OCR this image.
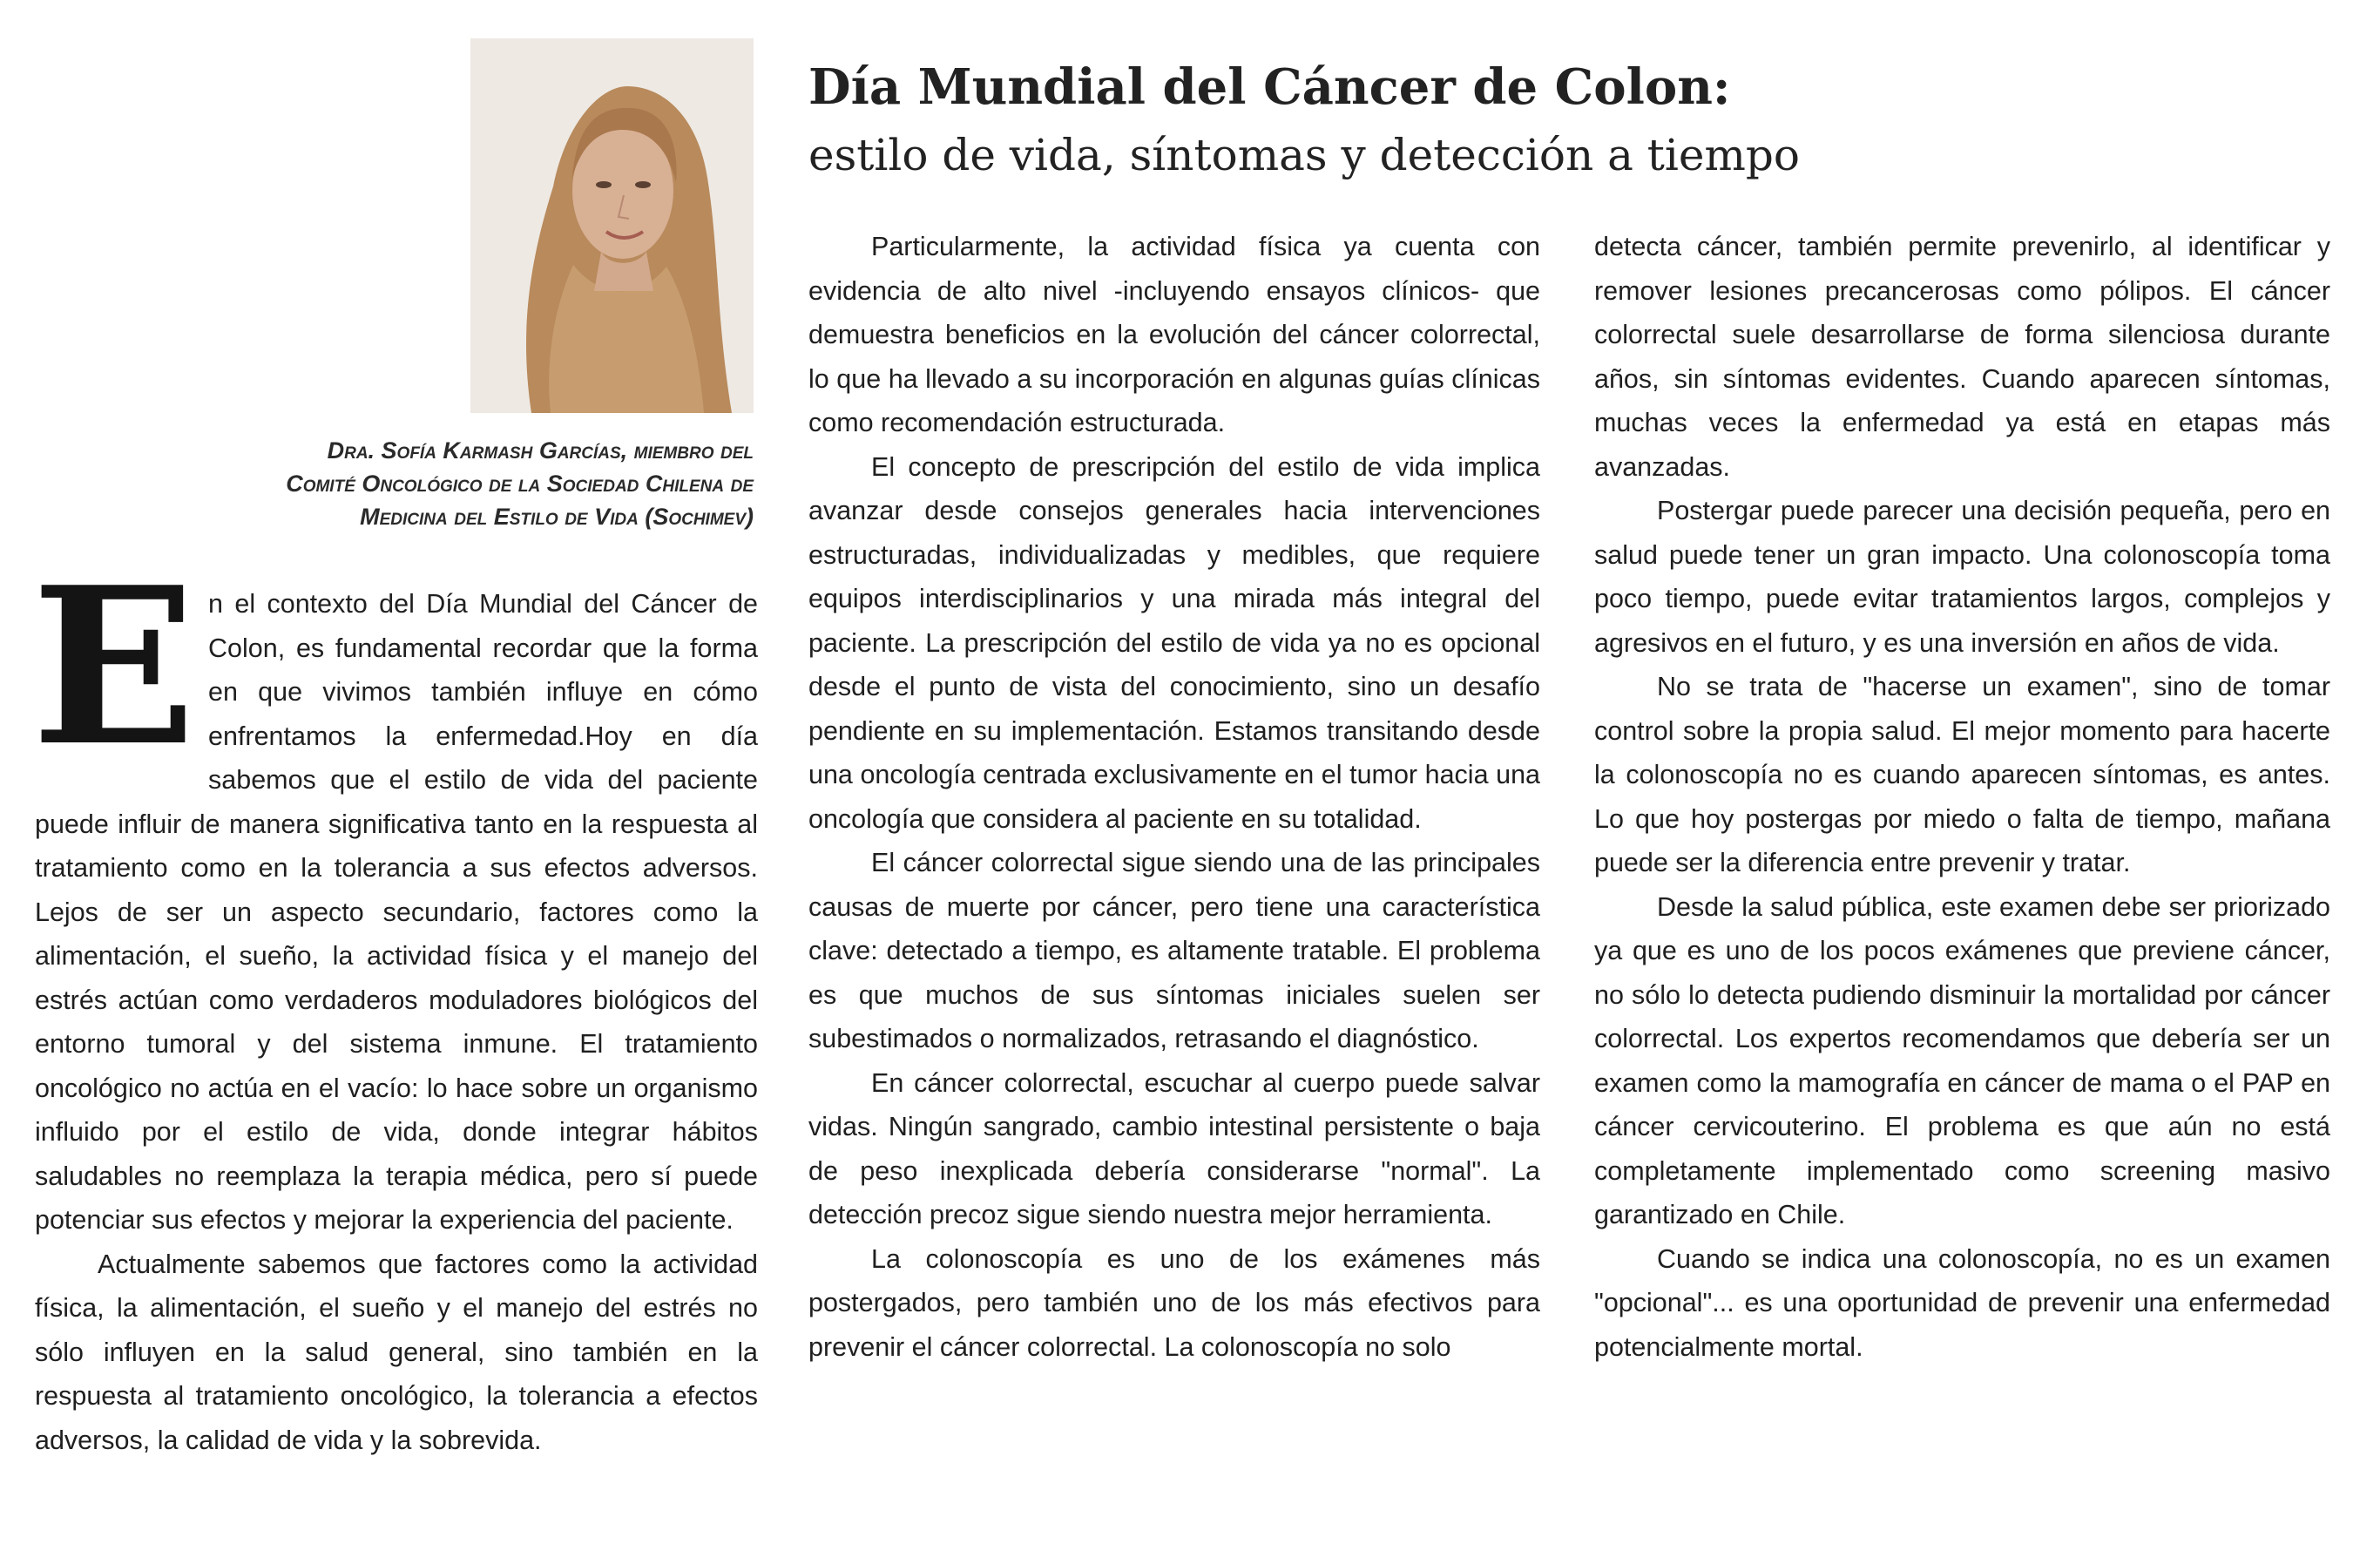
Dra. Sofía Karmash Garcías, miembro del
Comité Oncológico de la Sociedad Chilena de
Medicina del Estilo de Vida (Sochimev)
Día Mundial del Cáncer de Colon:
estilo de vida, síntomas y detección a tiempo

En el contexto del Día Mundial del Cáncer de Colon, es fundamental recordar que la forma en que vivimos también influye en cómo enfrentamos la enfermedad.Hoy en día sabemos que el estilo de vida del paciente puede influir de manera significativa tanto en la respuesta al tratamiento como en la tolerancia a sus efectos adversos. Lejos de ser un aspecto secundario, factores como la alimentación, el sueño, la actividad física y el manejo del estrés actúan como verdaderos moduladores biológicos del entorno tumoral y del sistema inmune. El tratamiento oncológico no actúa en el vacío: lo hace sobre un organismo influido por el estilo de vida, donde integrar hábitos saludables no reemplaza la terapia médica, pero sí puede potenciar sus efectos y mejorar la experiencia del paciente.

Actualmente sabemos que factores como la actividad física, la alimentación, el sueño y el manejo del estrés no sólo influyen en la salud general, sino también en la respuesta al tratamiento oncológico, la tolerancia a efectos adversos, la calidad de vida y la sobrevida.

Particularmente, la actividad física ya cuenta con evidencia de alto nivel -incluyendo ensayos clínicos- que demuestra beneficios en la evolución del cáncer colorrectal, lo que ha llevado a su incorporación en algunas guías clínicas como recomendación estructurada.

El concepto de prescripción del estilo de vida implica avanzar desde consejos generales hacia intervenciones estructuradas, individualizadas y medibles, que requiere equipos interdisciplinarios y una mirada más integral del paciente. La prescripción del estilo de vida ya no es opcional desde el punto de vista del conocimiento, sino un desafío pendiente en su implementación. Estamos transitando desde una oncología centrada exclusivamente en el tumor hacia una oncología que considera al paciente en su totalidad.

El cáncer colorrectal sigue siendo una de las principales causas de muerte por cáncer, pero tiene una característica clave: detectado a tiempo, es altamente tratable. El problema es que muchos de sus síntomas iniciales suelen ser subestimados o normalizados, retrasando el diagnóstico.

En cáncer colorrectal, escuchar al cuerpo puede salvar vidas. Ningún sangrado, cambio intestinal persistente o baja de peso inexplicada debería considerarse "normal". La detección precoz sigue siendo nuestra mejor herramienta.

La colonoscopía es uno de los exámenes más postergados, pero también uno de los más efectivos para prevenir el cáncer colorrectal. La colonoscopía no solo

detecta cáncer, también permite prevenirlo, al identificar y remover lesiones precancerosas como pólipos. El cáncer colorrectal suele desarrollarse de forma silenciosa durante años, sin síntomas evidentes. Cuando aparecen síntomas, muchas veces la enfermedad ya está en etapas más avanzadas.

Postergar puede parecer una decisión pequeña, pero en salud puede tener un gran impacto. Una colonoscopía toma poco tiempo, puede evitar tratamientos largos, complejos y agresivos en el futuro, y es una inversión en años de vida.

No se trata de "hacerse un examen", sino de tomar control sobre la propia salud. El mejor momento para hacerte la colonoscopía no es cuando aparecen síntomas, es antes. Lo que hoy postergas por miedo o falta de tiempo, mañana puede ser la diferencia entre prevenir y tratar.

Desde la salud pública, este examen debe ser priorizado ya que es uno de los pocos exámenes que previene cáncer, no sólo lo detecta pudiendo disminuir la mortalidad por cáncer colorrectal. Los expertos recomendamos que debería ser un examen como la mamografía en cáncer de mama o el PAP en cáncer cervicouterino. El problema es que aún no está completamente implementado como screening masivo garantizado en Chile.

Cuando se indica una colonoscopía, no es un examen "opcional"... es una oportunidad de prevenir una enfermedad potencialmente mortal.
